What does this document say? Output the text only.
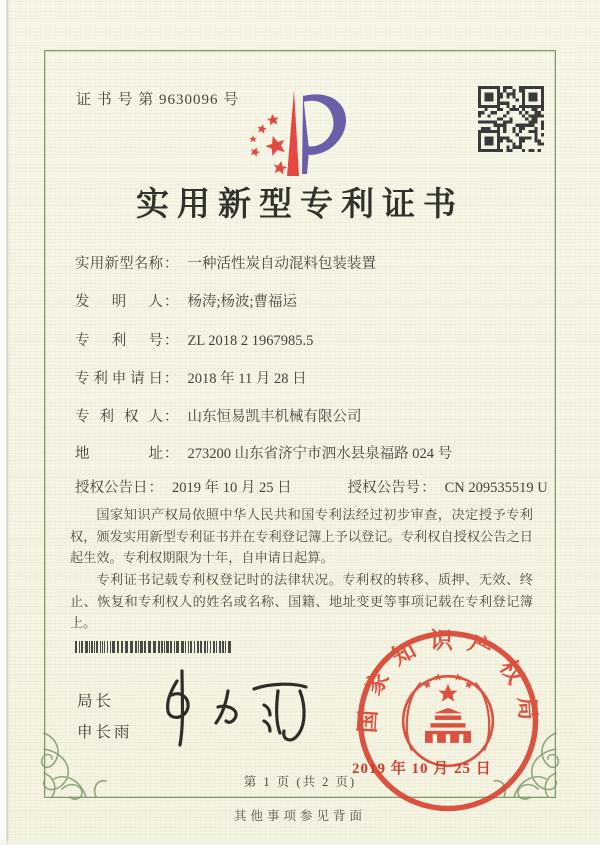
证 书 号 第 9630096 号
实用新型专利证书
实用新型名称： 一种活性炭自动混料包装装置
发明人： 杨涛;杨波;曹福运
专利号： ZL 2018 2 1967985.5
专利申请日： 2018 年 11 月 28 日
专利权人： 山东恒易凯丰机械有限公司
地址： 273200 山东省济宁市泗水县泉福路 024 号
授权公告日： 2019 年 10 月 25 日	授权公告号： CN 209535519 U

国家知识产权局依照中华人民共和国专利法经过初步审查，决定授予专利权，颁发实用新型专利证书并在专利登记簿上予以登记。专利权自授权公告之日起生效。专利权期限为十年，自申请日起算。

专利证书记载专利权登记时的法律状况。专利权的转移、质押、无效、终止、恢复和专利权人的姓名或名称、国籍、地址变更等事项记载在专利登记簿上。

局长
申长雨	国家知识产权局
2019 年 10 月 25 日
第 1 页 (共 2 页)
其他事项参见背面
